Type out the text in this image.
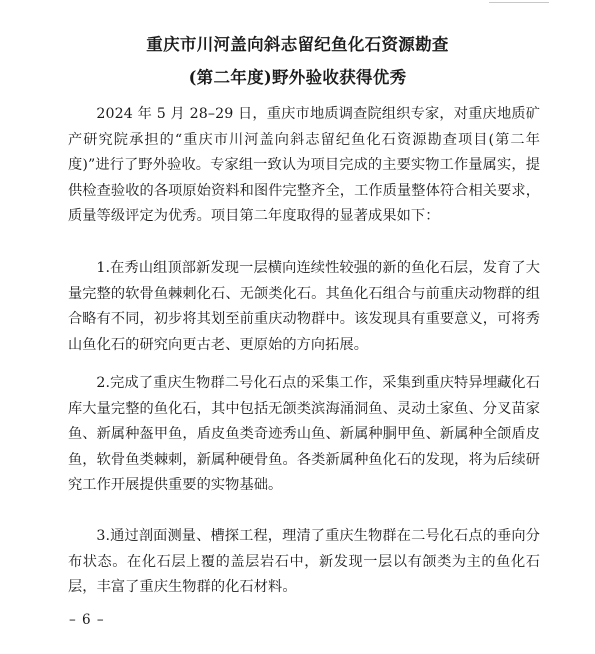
重庆市川河盖向斜志留纪鱼化石资源勘查
(第二年度)野外验收获得优秀

2024 年 5 月 28–29 日，重庆市地质调查院组织专家，对重庆地质矿产研究院承担的“重庆市川河盖向斜志留纪鱼化石资源勘查项目(第二年度)”进行了野外验收。专家组一致认为项目完成的主要实物工作量属实，提供检查验收的各项原始资料和图件完整齐全，工作质量整体符合相关要求，质量等级评定为优秀。项目第二年度取得的显著成果如下：

1.在秀山组顶部新发现一层横向连续性较强的新的鱼化石层，发育了大量完整的软骨鱼棘刺化石、无颌类化石。其鱼化石组合与前重庆动物群的组合略有不同，初步将其划至前重庆动物群中。该发现具有重要意义，可将秀山鱼化石的研究向更古老、更原始的方向拓展。

2.完成了重庆生物群二号化石点的采集工作，采集到重庆特异埋藏化石库大量完整的鱼化石，其中包括无颌类滨海涌洞鱼、灵动土家鱼、分叉苗家鱼、新属种盔甲鱼，盾皮鱼类奇迹秀山鱼、新属种胴甲鱼、新属种全颌盾皮鱼，软骨鱼类棘刺，新属种硬骨鱼。各类新属种鱼化石的发现，将为后续研究工作开展提供重要的实物基础。

3.通过剖面测量、槽探工程，理清了重庆生物群在二号化石点的垂向分布状态。在化石层上覆的盖层岩石中，新发现一层以有颌类为主的鱼化石层，丰富了重庆生物群的化石材料。

– 6 –
